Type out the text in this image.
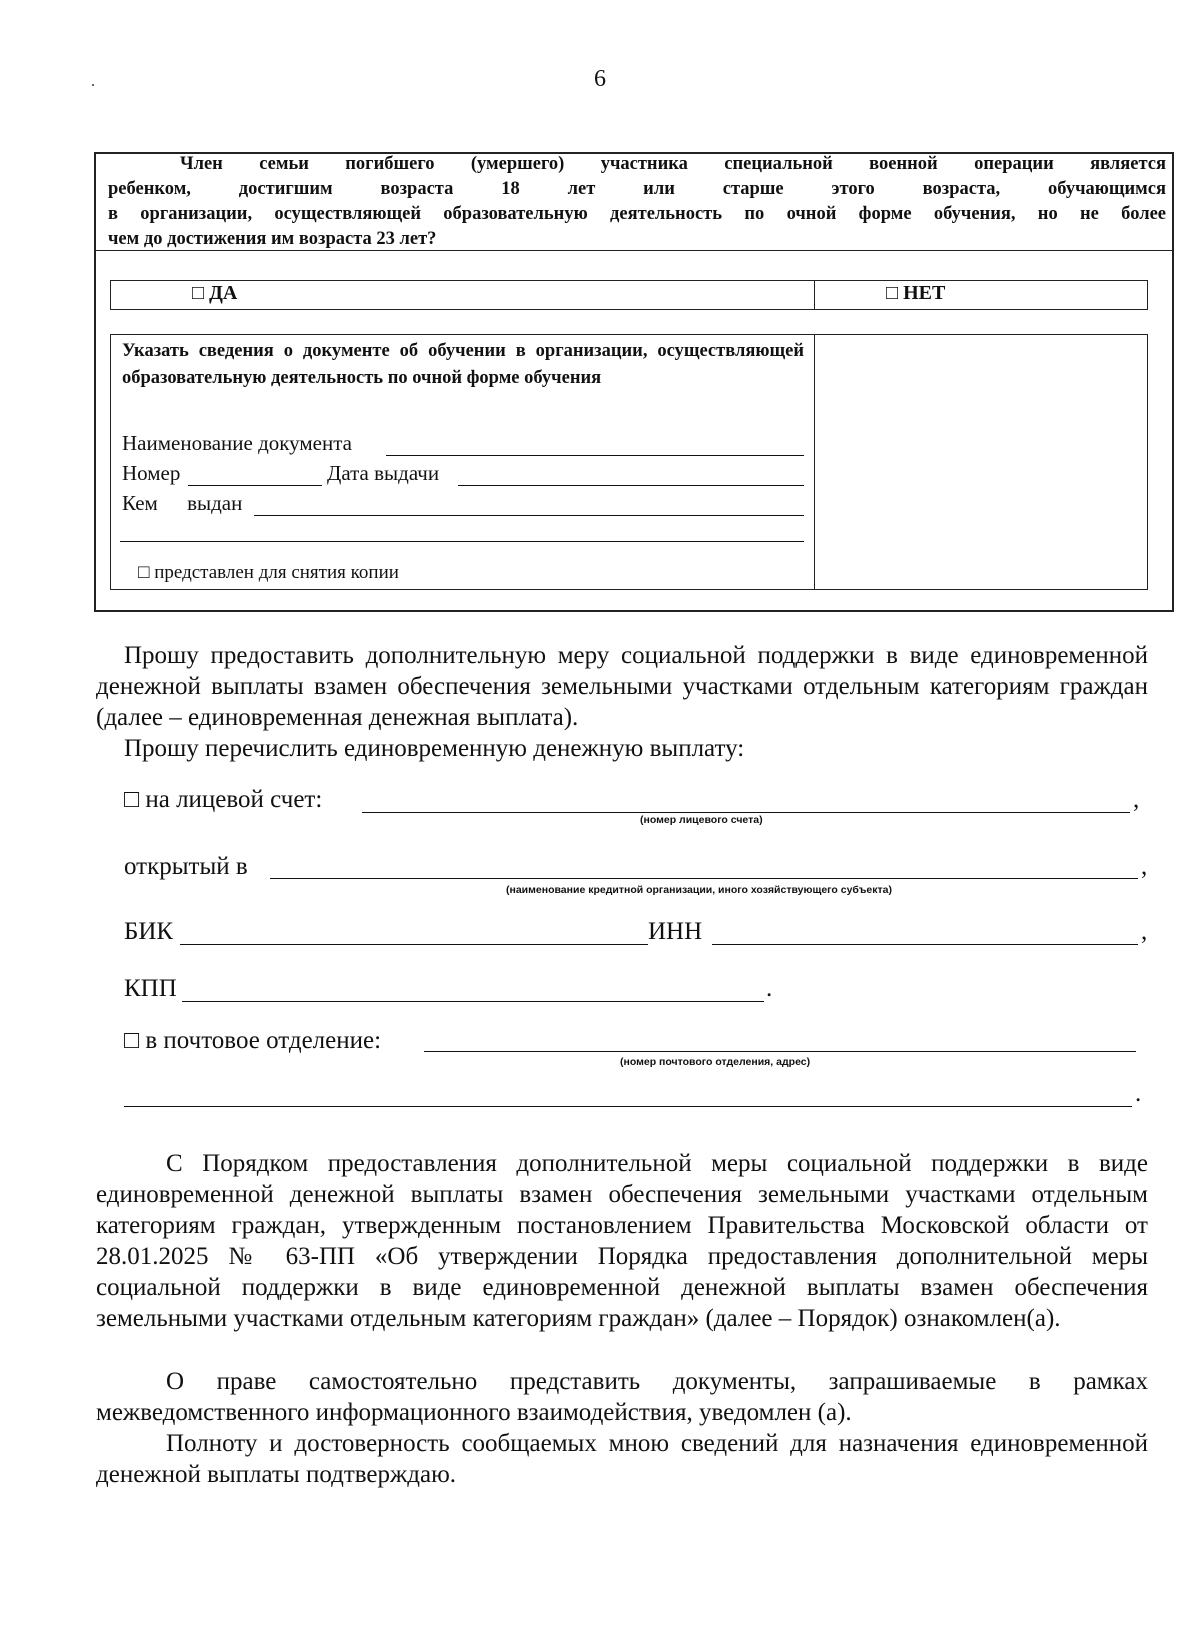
6
Член семьи погибшего (умершего) участника специальной военной операции является
ребенком, достигшим возраста 18 лет или старше этого возраста, обучающимся
в организации, осуществляющей образовательную деятельность по очной форме обучения, но не более
чем до достижения им возраста 23 лет?
□ ДА	□ НЕТ
Указать сведения о документе об обучении в организации, осуществляющей образовательную деятельность по очной форме обучения
Наименование документа
Номер	Дата выдачи
Кем выдан
□ представлен для снятия копии
Прошу предоставить дополнительную меру социальной поддержки в виде единовременной денежной выплаты взамен обеспечения земельными участками отдельным категориям граждан (далее – единовременная денежная выплата).
Прошу перечислить единовременную денежную выплату:
□ на лицевой счет:	,
(номер лицевого счета)
открытый в	,
(наименование кредитной организации, иного хозяйствующего субъекта)
БИК	ИНН	,
КПП	.
□ в почтовое отделение:
(номер почтового отделения, адрес)
.
С Порядком предоставления дополнительной меры социальной поддержки в виде единовременной денежной выплаты взамен обеспечения земельными участками отдельным категориям граждан, утвержденным постановлением Правительства Московской области от 28.01.2025 № 63-ПП «Об утверждении Порядка предоставления дополнительной меры социальной поддержки в виде единовременной денежной выплаты взамен обеспечения земельными участками отдельным категориям граждан» (далее – Порядок) ознакомлен(а).
О праве самостоятельно представить документы, запрашиваемые в рамках межведомственного информационного взаимодействия, уведомлен (а).
Полноту и достоверность сообщаемых мною сведений для назначения единовременной денежной выплаты подтверждаю.
